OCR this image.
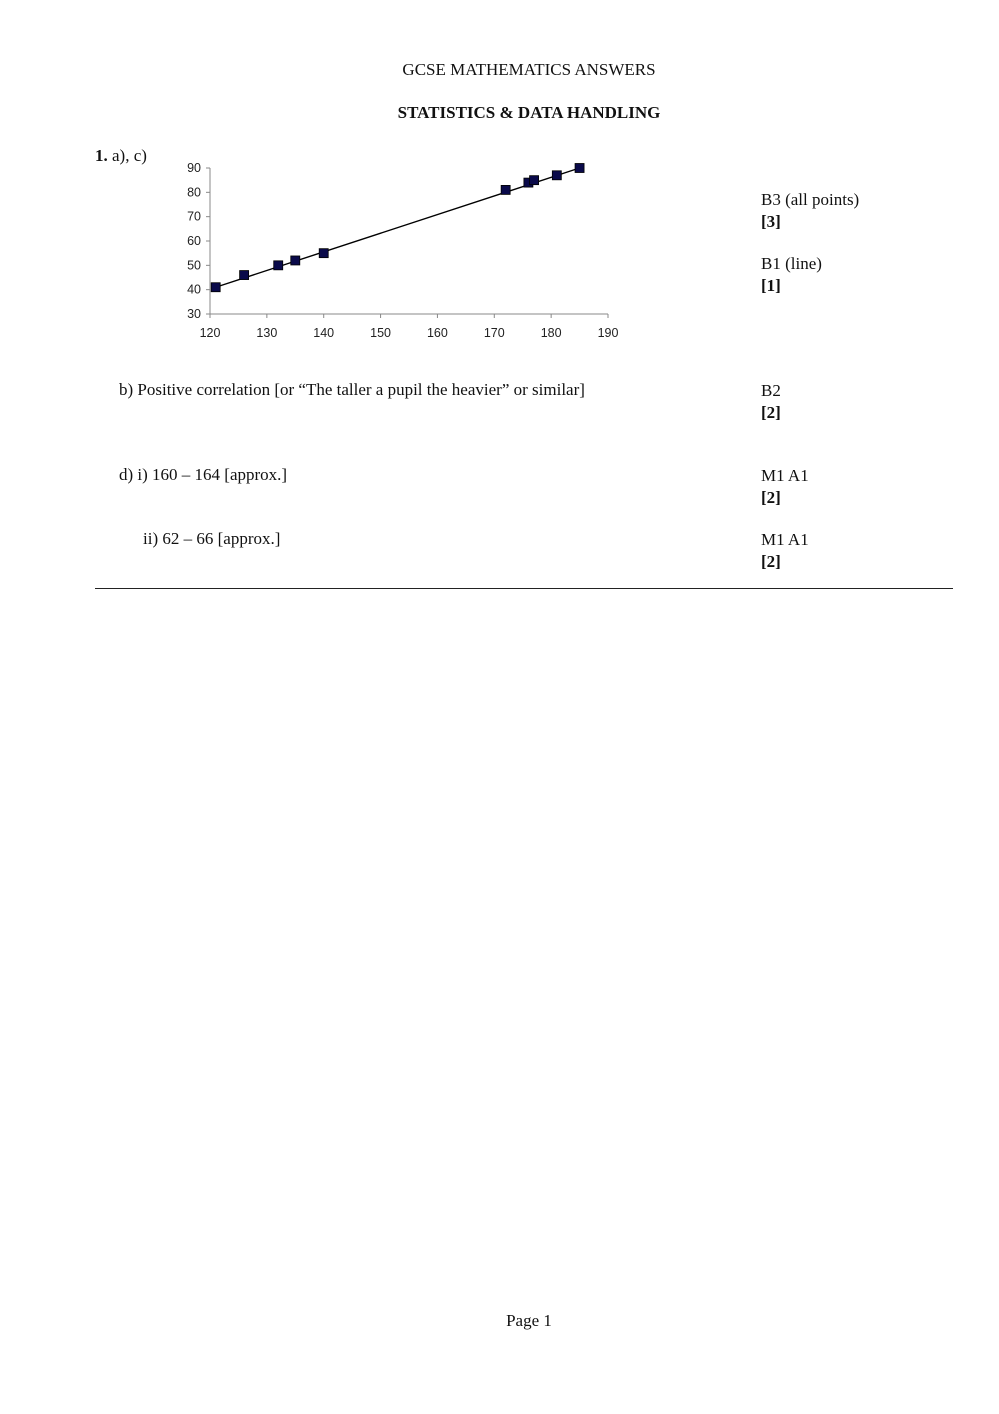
GCSE MATHEMATICS ANSWERS
STATISTICS & DATA HANDLING
1. a), c)
30
40
50
60
70
80
90
120	130	140	150	160	170	180	190
B3 (all points)
[3]
B1 (line)
[1]
b) Positive correlation [or “The taller a pupil the heavier” or similar]	B2
[2]
d) i) 160 – 164 [approx.]	M1 A1
[2]
ii) 62 – 66 [approx.]	M1 A1
[2]
Page 1
